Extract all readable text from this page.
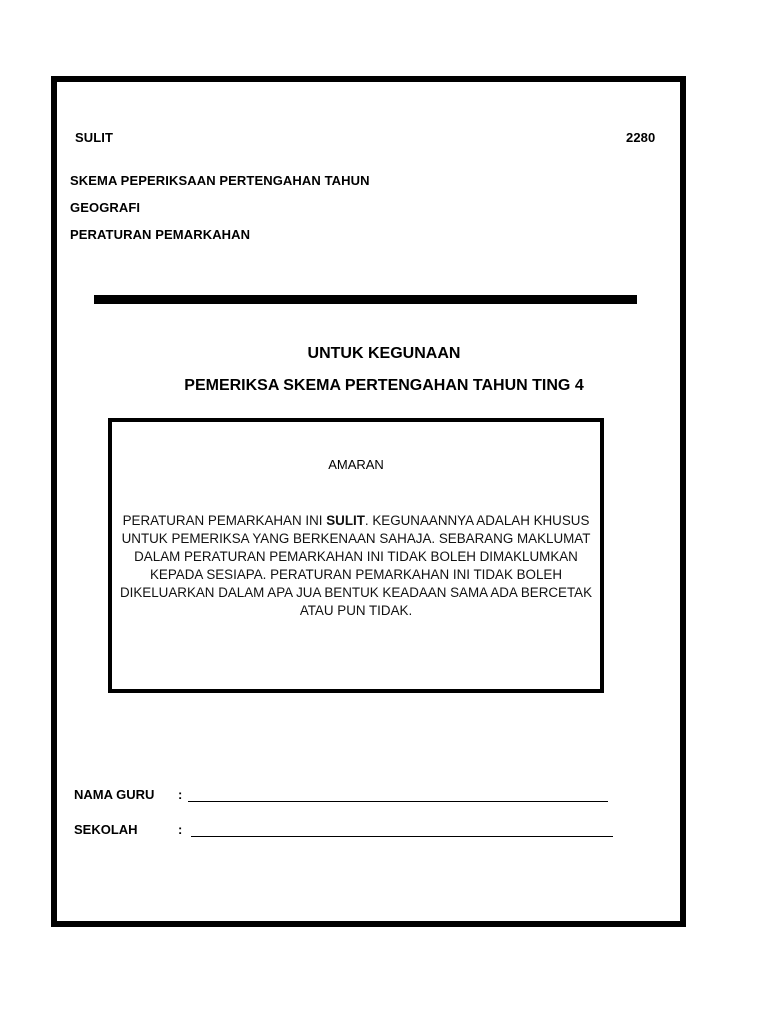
SULIT	2280

SKEMA PEPERIKSAAN PERTENGAHAN TAHUN

GEOGRAFI

PERATURAN PEMARKAHAN

UNTUK KEGUNAAN

PEMERIKSA SKEMA PERTENGAHAN TAHUN TING 4

AMARAN

PERATURAN PEMARKAHAN INI SULIT. KEGUNAANNYA ADALAH KHUSUS UNTUK PEMERIKSA YANG BERKENAAN SAHAJA. SEBARANG MAKLUMAT DALAM PERATURAN PEMARKAHAN INI TIDAK BOLEH DIMAKLUMKAN KEPADA SESIAPA. PERATURAN PEMARKAHAN INI TIDAK BOLEH DIKELUARKAN DALAM APA JUA BENTUK KEADAAN SAMA ADA BERCETAK ATAU PUN TIDAK.

NAMA GURU :

SEKOLAH	:
